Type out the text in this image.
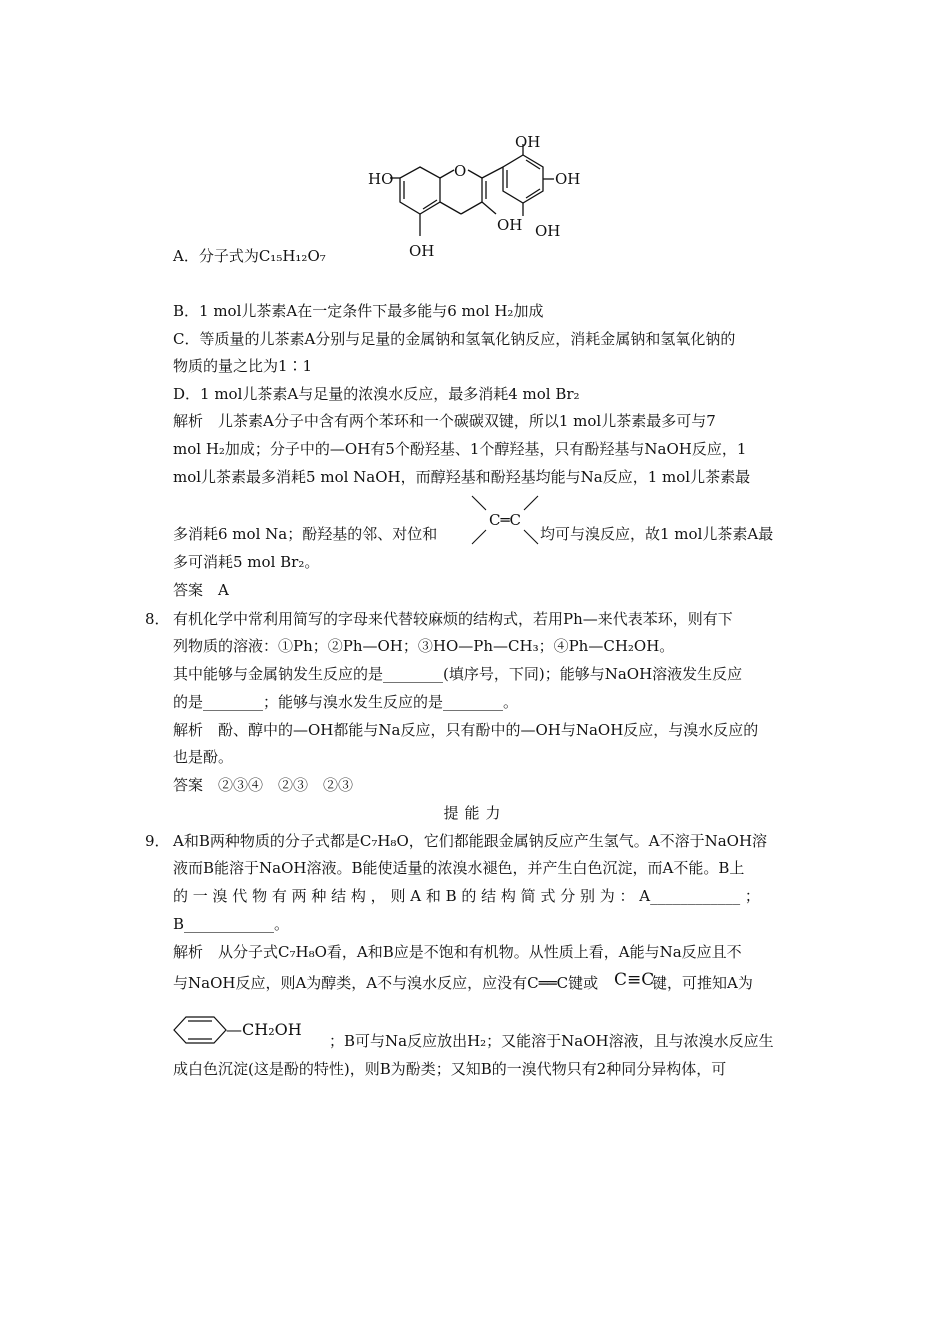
OH
HO	O	OH
OH OH
OH
A．分子式为C₁₅H₁₂O₇
B．1 mol儿茶素A在一定条件下最多能与6 mol H₂加成
C．等质量的儿茶素A分别与足量的金属钠和氢氧化钠反应，消耗金属钠和氢氧化钠的
物质的量之比为1∶1
D．1 mol儿茶素A与足量的浓溴水反应，最多消耗4 mol Br₂
解析　儿茶素A分子中含有两个苯环和一个碳碳双键，所以1 mol儿茶素最多可与7
mol H₂加成；分子中的—OH有5个酚羟基、1个醇羟基，只有酚羟基与NaOH反应，1
mol儿茶素最多消耗5 mol NaOH，而醇羟基和酚羟基均能与Na反应，1 mol儿茶素最
多消耗6 mol Na；酚羟基的邻、对位和
C═C
均可与溴反应，故1 mol儿茶素A最
多可消耗5 mol Br₂。
答案　A
8． 有机化学中常利用简写的字母来代替较麻烦的结构式，若用Ph—来代表苯环，则有下
列物质的溶液：①Ph；②Ph—OH；③HO—Ph—CH₃；④Ph—CH₂OH。
其中能够与金属钠发生反应的是________(填序号，下同)；能够与NaOH溶液发生反应
的是________；能够与溴水发生反应的是________。
解析　酚、醇中的—OH都能与Na反应，只有酚中的—OH与NaOH反应，与溴水反应的
也是酚。
答案　②③④　②③　②③
提能力
9． A和B两种物质的分子式都是C₇H₈O，它们都能跟金属钠反应产生氢气。A不溶于NaOH溶
液而B能溶于NaOH溶液。B能使适量的浓溴水褪色，并产生白色沉淀，而A不能。B上
的 一 溴 代 物 有 两 种 结 构 ， 则 A 和 B 的 结 构 简 式 分 别 为 ： A____________ ；
B____________。
解析　从分子式C₇H₈O看，A和B应是不饱和有机物。从性质上看，A能与Na反应且不
与NaOH反应，则A为醇类，A不与溴水反应，应没有C══C键或 C≡C
键，可推知A为
—CH₂OH
；B可与Na反应放出H₂；又能溶于NaOH溶液，且与浓溴水反应生
成白色沉淀(这是酚的特性)，则B为酚类；又知B的一溴代物只有2种同分异构体，可
